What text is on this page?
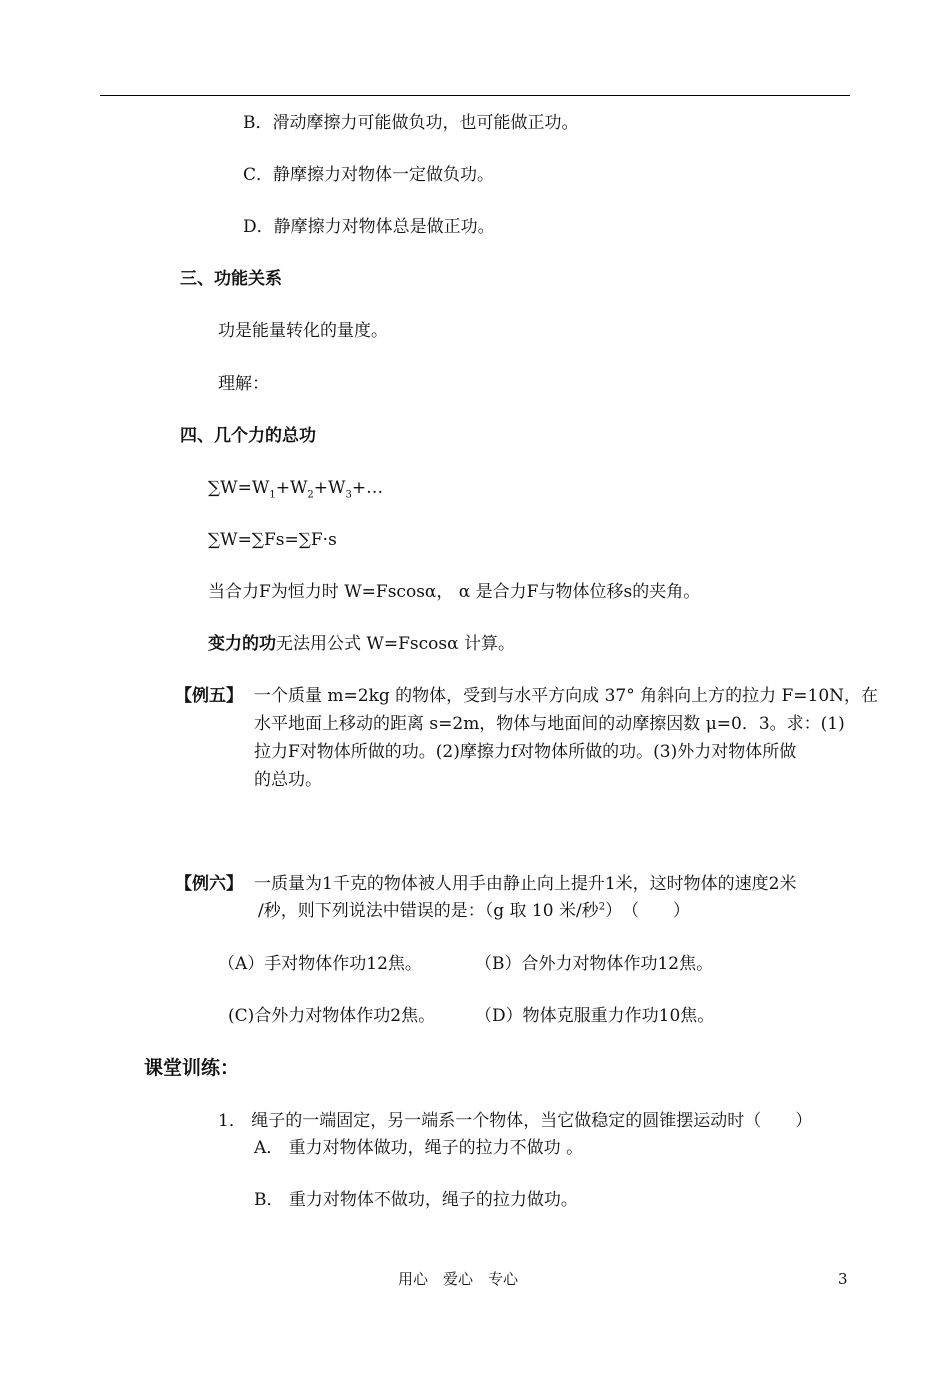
B．滑动摩擦力可能做负功，也可能做正功。
C．静摩擦力对物体一定做负功。
D．静摩擦力对物体总是做正功。
三、功能关系
功是能量转化的量度。
理解：
四、几个力的总功
$\sum W=W_1+W_2+W_3+\dots$
∑W=∑Fs=∑F·s
当合力F为恒力时 W=Fscosα， α 是合力F与物体位移s的夹角。
变力的功无法用公式 W=Fscosα 计算。
【例五】 一个质量 m=2kg 的物体，受到与水平方向成 37° 角斜向上方的拉力 F=10N，在
水平地面上移动的距离 s=2m，物体与地面间的动摩擦因数 μ=0．3。求：(1)
拉力F对物体所做的功。(2)摩擦力f对物体所做的功。(3)外力对物体所做
的总功。
【例六】 一质量为1千克的物体被人用手由静止向上提升1米，这时物体的速度2米
/秒，则下列说法中错误的是：（g 取 10 米/秒$^2$）　（　　）
（A）手对物体作功12焦。	（B）合外力对物体作功12焦。
(C)合外力对物体作功2焦。 （D）物体克服重力作功10焦。
课堂训练：
1． 绳子的一端固定，另一端系一个物体，当它做稳定的圆锥摆运动时（　　）
A． 重力对物体做功，绳子的拉力不做功 。
B． 重力对物体不做功，绳子的拉力做功。
用心　爱心　专心	3
